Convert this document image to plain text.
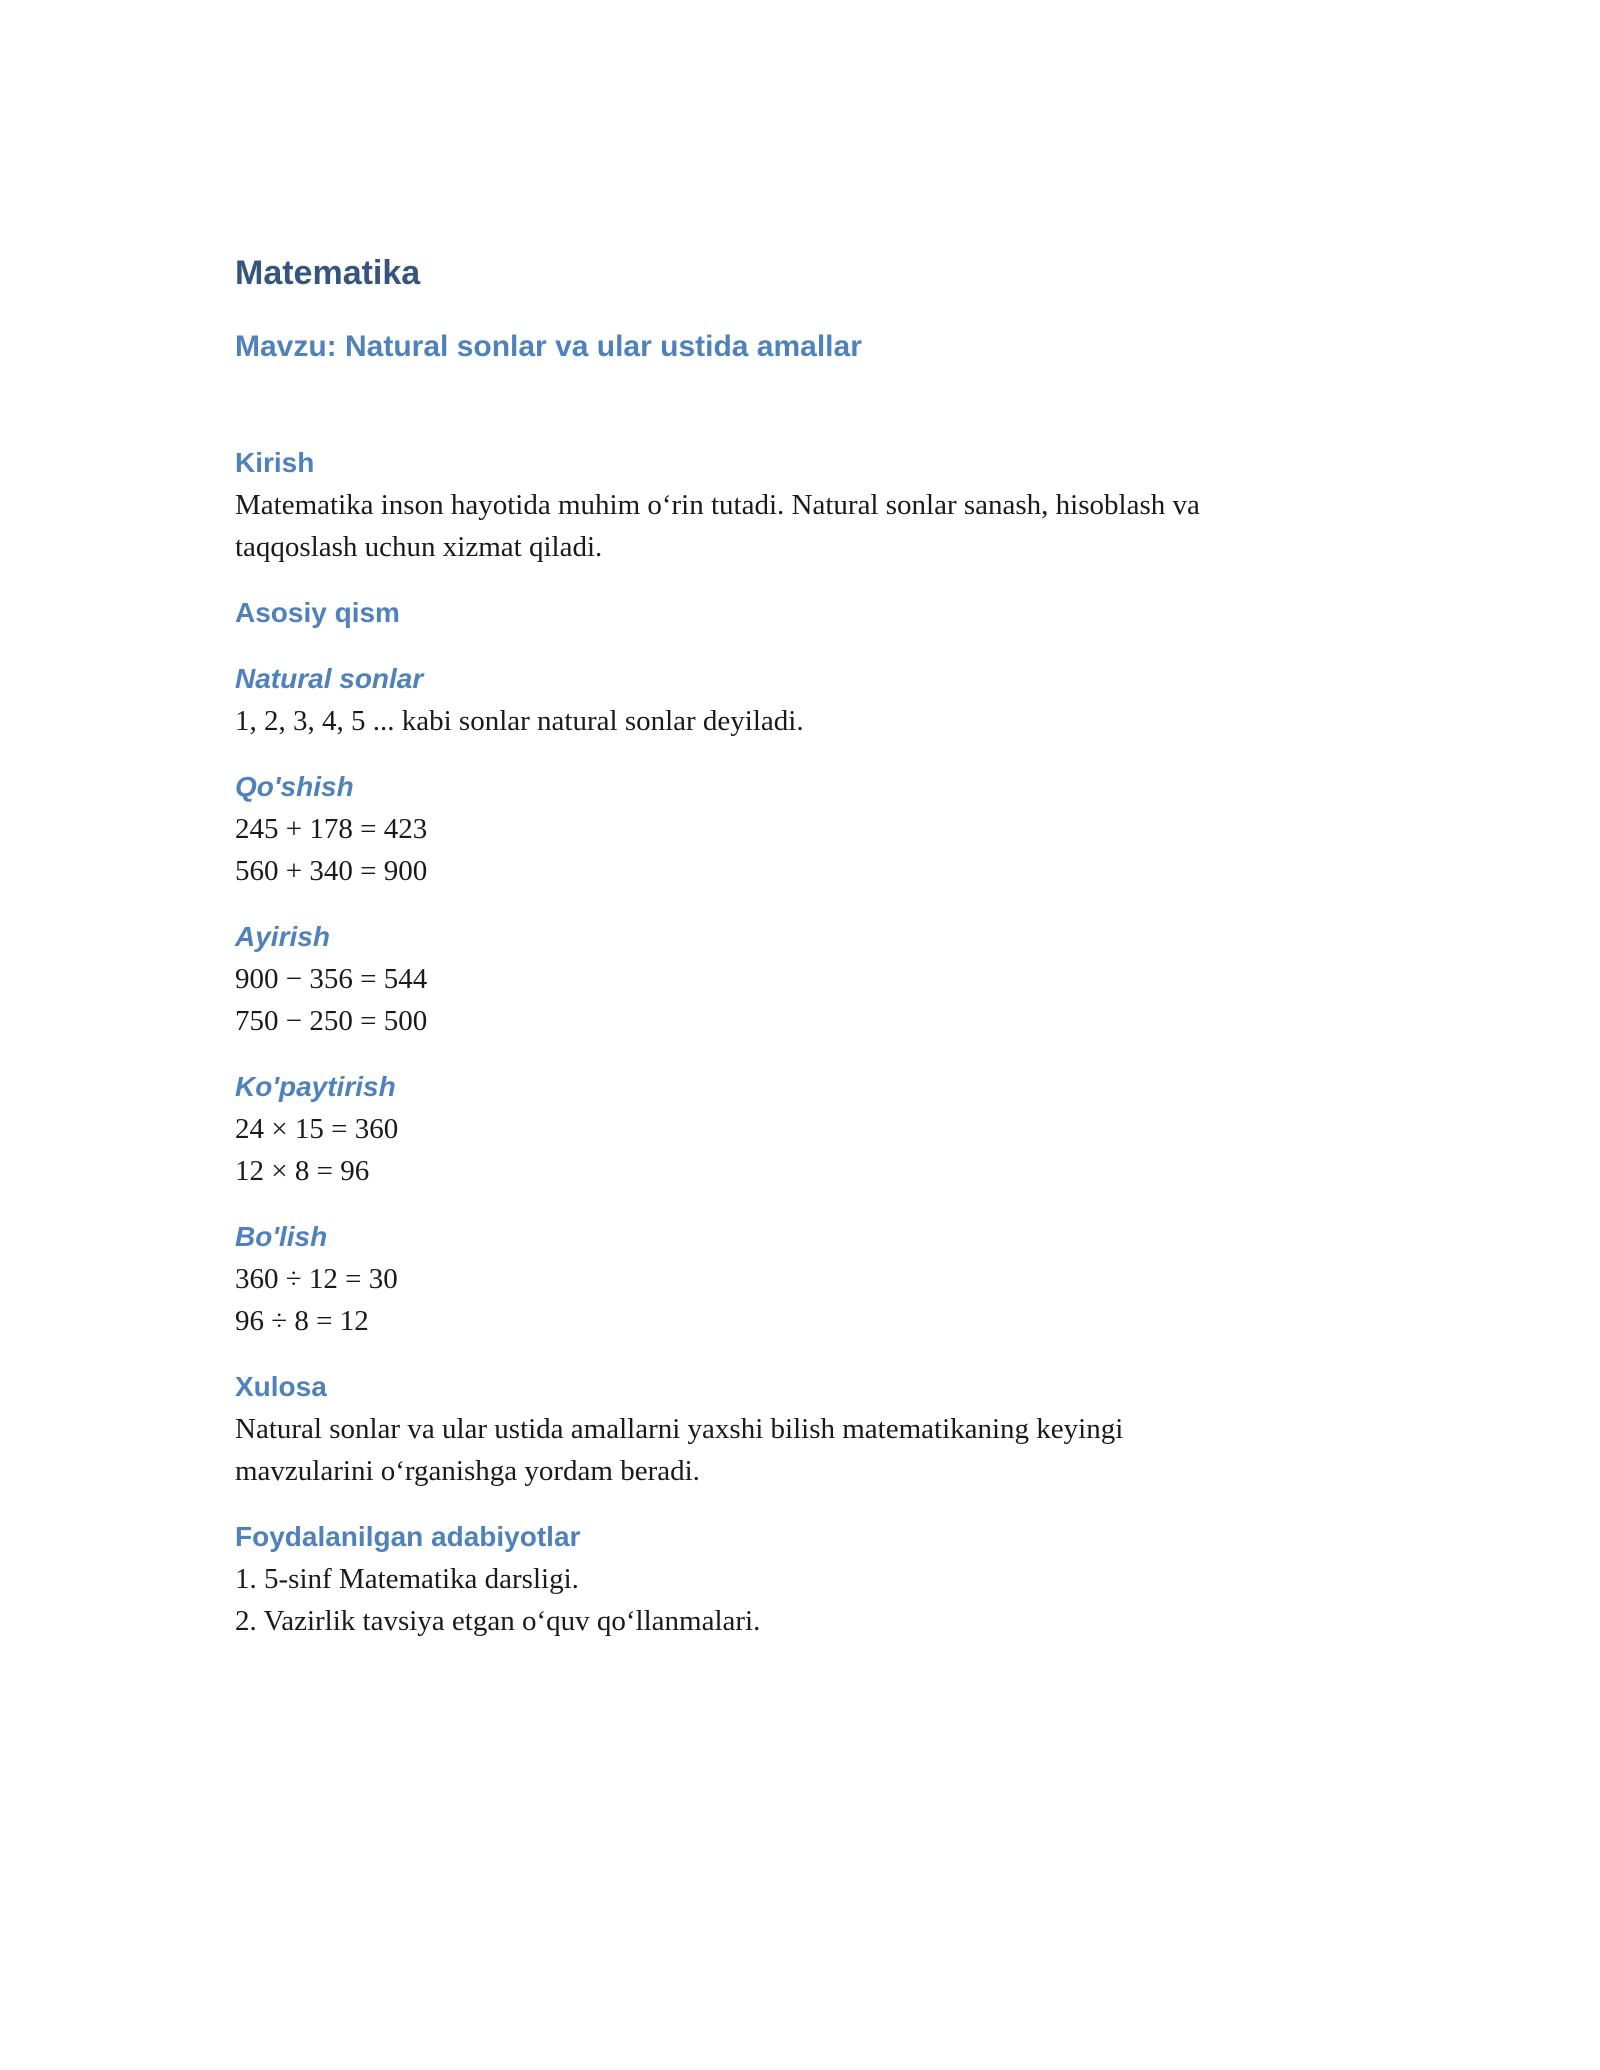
Matematika
Mavzu: Natural sonlar va ular ustida amallar
Kirish

Matematika inson hayotida muhim o‘rin tutadi. Natural sonlar sanash, hisoblash va

taqqoslash uchun xizmat qiladi.

Asosiy qism
Natural sonlar

1, 2, 3, 4, 5 ... kabi sonlar natural sonlar deyiladi.

Qo'shish

245 + 178 = 423

560 + 340 = 900

Ayirish

900 − 356 = 544

750 − 250 = 500

Ko'paytirish

24 × 15 = 360

12 × 8 = 96

Bo'lish

360 ÷ 12 = 30

96 ÷ 8 = 12

Xulosa

Natural sonlar va ular ustida amallarni yaxshi bilish matematikaning keyingi

mavzularini o‘rganishga yordam beradi.

Foydalanilgan adabiyotlar

1. 5-sinf Matematika darsligi.

2. Vazirlik tavsiya etgan o‘quv qo‘llanmalari.
